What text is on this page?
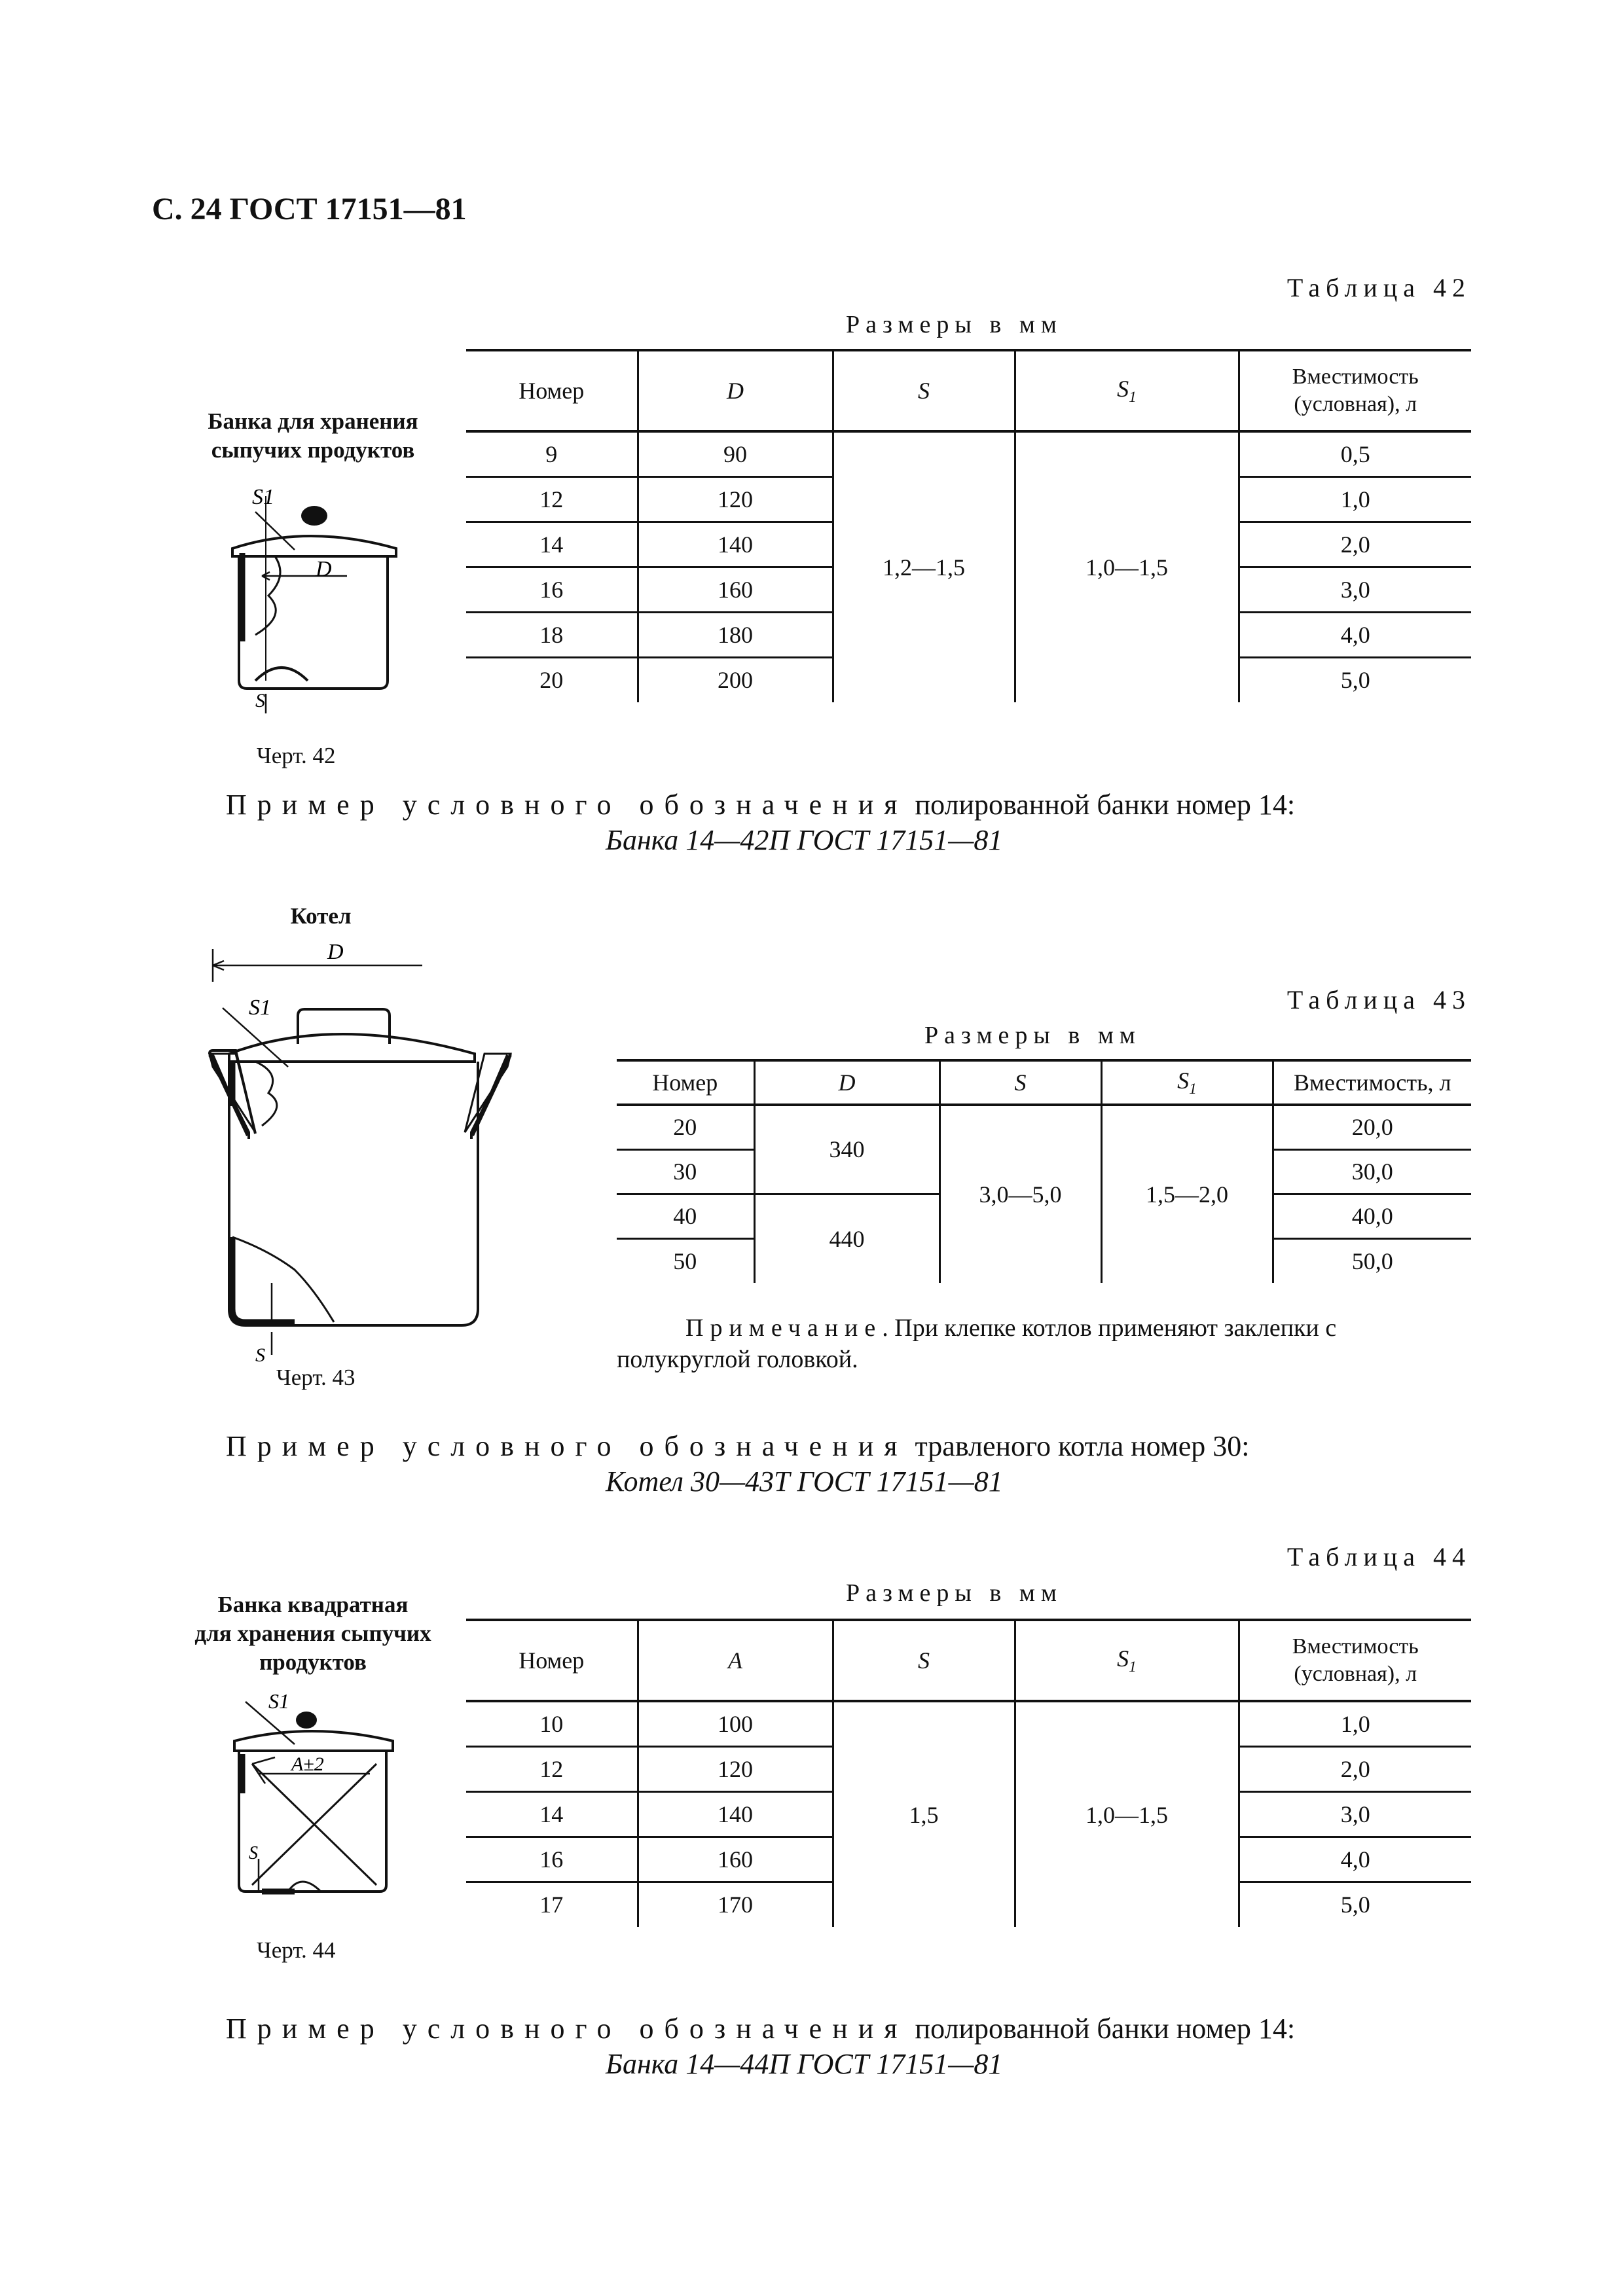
С. 24 ГОСТ 17151—81
Таблица 42
Размеры в мм
Банка для хранения
сыпучих продуктов
S1
D
S
Черт. 42
Номер	D	S	$S_1$	Вместимость
(условная), л

9	90	1,2—1,5	1,0—1,5	0,5
12	120			1,0
14	140			2,0
16	160			3,0
18	180			4,0
20	200			5,0
Пример условного обозначения полированной банки номер 14:
Банка 14—42П ГОСТ 17151—81
Котел
D
S1
S
Черт. 43
Таблица 43
Размеры в мм
Номер	D	S	$S_1$	Вместимость, л
20	340	3,0—5,0	1,5—2,0	20,0
30				30,0
40	440			40,0
50				50,0
Примечание. При клепке котлов применяют заклепки с
полукруглой головкой.
Пример условного обозначения травленого котла номер 30:
Котел 30—43Т ГОСТ 17151—81
Таблица 44
Размеры в мм
Банка квадратная
для хранения сыпучих
продуктов
S1
A±2
S
Черт. 44
Номер	A	S	$S_1$	Вместимость
(условная), л

10	100	1,5	1,0—1,5	1,0
12	120			2,0
14	140			3,0
16	160			4,0
17	170			5,0
Пример условного обозначения полированной банки номер 14:
Банка 14—44П ГОСТ 17151—81
